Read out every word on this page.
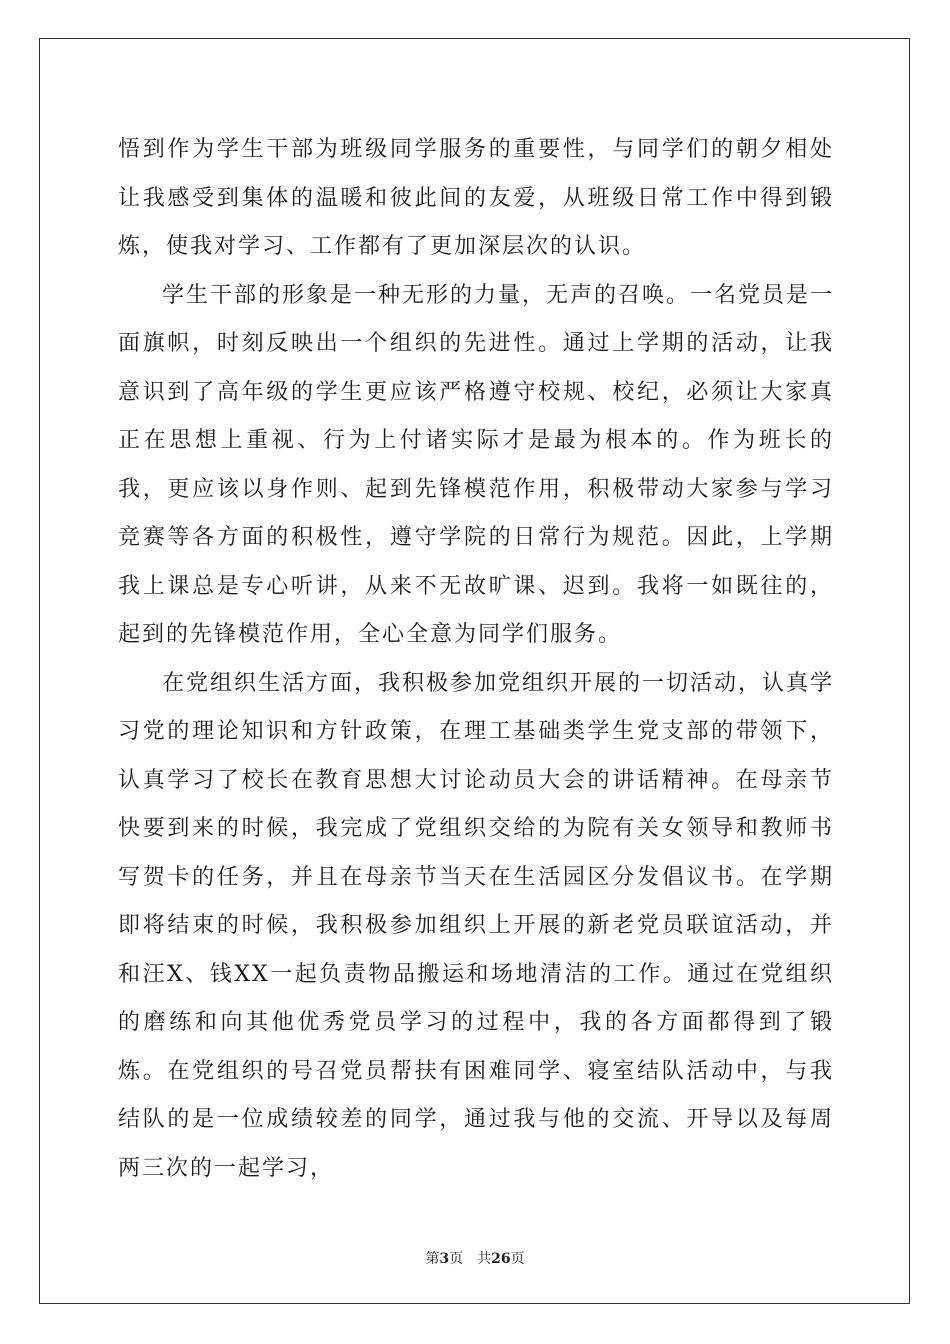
悟到作为学生干部为班级同学服务的重要性，与同学们的朝夕相处让我感受到集体的温暖和彼此间的友爱，从班级日常工作中得到锻炼，使我对学习、工作都有了更加深层次的认识。

学生干部的形象是一种无形的力量，无声的召唤。一名党员是一面旗帜，时刻反映出一个组织的先进性。通过上学期的活动，让我意识到了高年级的学生更应该严格遵守校规、校纪，必须让大家真正在思想上重视、行为上付诸实际才是最为根本的。作为班长的我，更应该以身作则、起到先锋模范作用，积极带动大家参与学习竞赛等各方面的积极性，遵守学院的日常行为规范。因此，上学期我上课总是专心听讲，从来不无故旷课、迟到。我将一如既往的，起到的先锋模范作用，全心全意为同学们服务。

在党组织生活方面，我积极参加党组织开展的一切活动，认真学习党的理论知识和方针政策，在理工基础类学生党支部的带领下，认真学习了校长在教育思想大讨论动员大会的讲话精神。在母亲节快要到来的时候，我完成了党组织交给的为院有关女领导和教师书写贺卡的任务，并且在母亲节当天在生活园区分发倡议书。在学期即将结束的时候，我积极参加组织上开展的新老党员联谊活动，并和汪X、钱XX一起负责物品搬运和场地清洁的工作。通过在党组织的磨练和向其他优秀党员学习的过程中，我的各方面都得到了锻炼。在党组织的号召党员帮扶有困难同学、寝室结队活动中，与我结队的是一位成绩较差的同学，通过我与他的交流、开导以及每周两三次的一起学习，

第3页 共26页
